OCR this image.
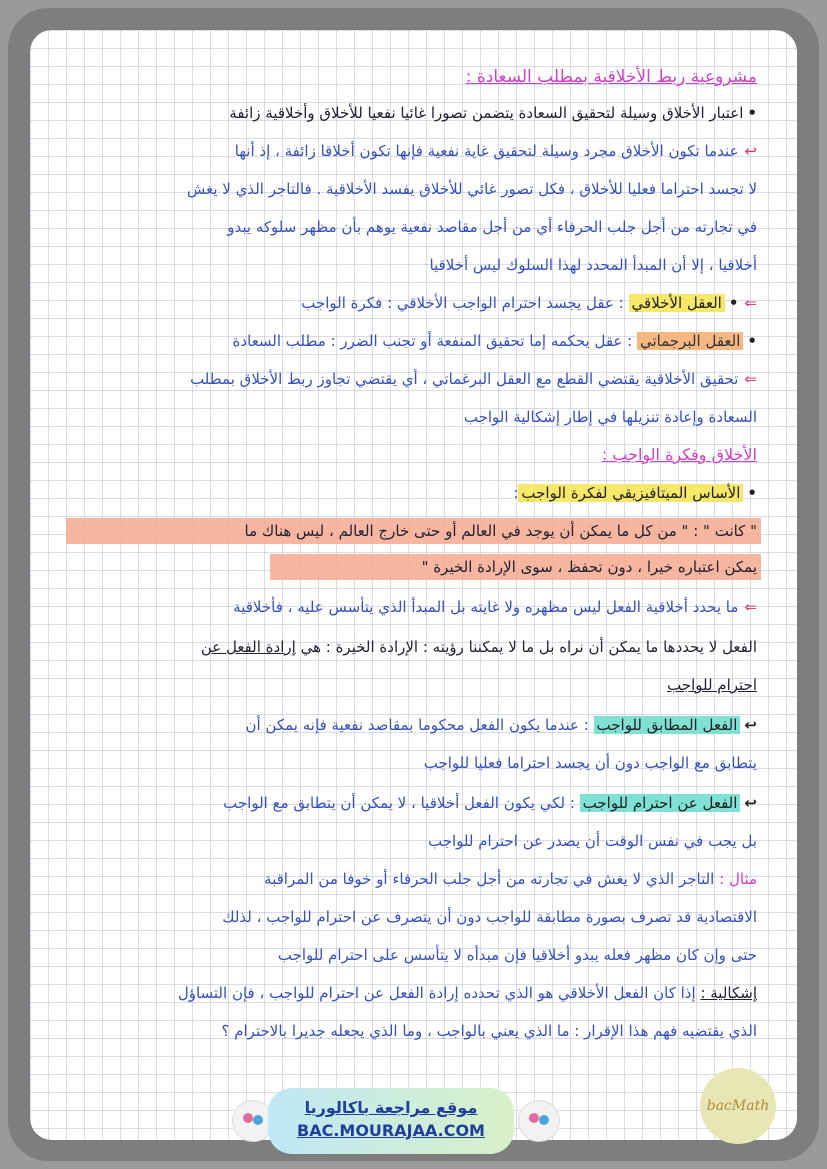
مشروعية ربط الأخلاقية بمطلب السعادة :
•اعتبار الأخلاق وسيلة لتحقيق السعادة يتضمن تصورا غائيا نفعيا للأخلاق وأخلاقية زائفة
↩عندما تكون الأخلاق مجرد وسيلة لتحقيق غاية نفعية فإنها تكون أخلاقا زائفة ، إذ أنها
لا تجسد احتراما فعليا للأخلاق ، فكل تصور غائي للأخلاق يفسد الأخلاقية . فالتاجر الذي لا يغش
في تجارته من أجل جلب الحرفاء أي من أجل مقاصد نفعية يوهم بأن مظهر سلوكه يبدو
أخلاقيا ، إلا أن المبدأ المحدد لهذا السلوك ليس أخلاقيا
⇐•العقل الأخلاقي : عقل يجسد احترام الواجب الأخلاقي : فكرة الواجب
•العقل البرجماتي : عقل يحكمه إما تحقيق المنفعة أو تجنب الضرر : مطلب السعادة
⇐تحقيق الأخلاقية يقتضي القطع مع العقل البرغماتي ، أي يقتضي تجاوز ربط الأخلاق بمطلب
السعادة وإعادة تنزيلها في إطار إشكالية الواجب
الأخلاق وفكرة الواجب :
•الأساس الميتافيزيقي لفكرة الواجب:
" كانت " : " من كل ما يمكن أن يوجد في العالم أو حتى خارج العالم ، ليس هناك ما
يمكن اعتباره خيرا ، دون تحفظ ، سوى الإرادة الخيرة "
⇐ما يحدد أخلاقية الفعل ليس مظهره ولا غايته بل المبدأ الذي يتأسس عليه ، فأخلاقية
الفعل لا يحددها ما يمكن أن نراه بل ما لا يمكننا رؤيته : الإرادة الخيرة : هي إرادة الفعل عن
احترام للواجب
↩الفعل المطابق للواجب : عندما يكون الفعل محكوما بمقاصد نفعية فإنه يمكن أن
يتطابق مع الواجب دون أن يجسد احتراما فعليا للواجب
↩الفعل عن احترام للواجب : لكي يكون الفعل أخلاقيا ، لا يمكن أن يتطابق مع الواجب
بل يجب في نفس الوقت أن يصدر عن احترام للواجب
مثال : التاجر الذي لا يغش في تجارته من أجل جلب الحرفاء أو خوفا من المراقبة
الاقتصادية قد تصرف بصورة مطابقة للواجب دون أن يتصرف عن احترام للواجب ، لذلك
حتى وإن كان مظهر فعله يبدو أخلاقيا فإن مبدأه لا يتأسس على احترام للواجب
إشكالية : إذا كان الفعل الأخلاقي هو الذي تحدده إرادة الفعل عن احترام للواجب ، فإن التساؤل
الذي يقتضيه فهم هذا الإقرار : ما الذي يعني بالواجب ، وما الذي يجعله جديرا بالاحترام ؟
موقع مراجعة باكالوريا
BAC.MOURAJAA.COM
bacMath
